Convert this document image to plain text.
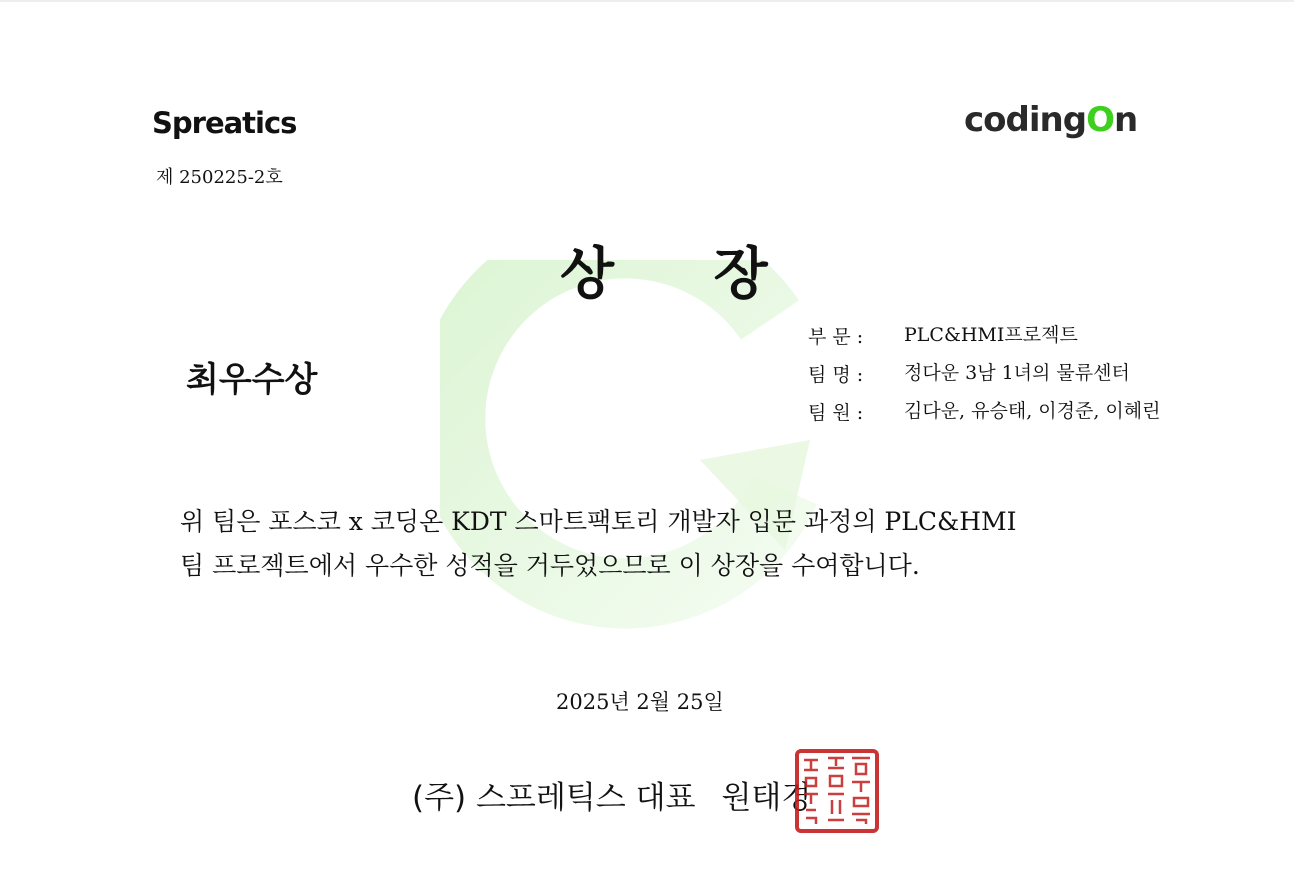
Spreatics	codingOn
제 250225-2호
상 장
최우수상
부 문 :	PLC&HMI프로젝트
팀 명 :	정다운 3남 1녀의 물류센터
팀 원 :	김다운, 유승태, 이경준, 이혜린

위 팀은 포스코 x 코딩온 KDT 스마트팩토리 개발자 입문 과정의 PLC&HMI

팀 프로젝트에서 우수한 성적을 거두었으므로 이 상장을 수여합니다.

2025년 2월 25일
(주) 스프레틱스 대표 원태경
